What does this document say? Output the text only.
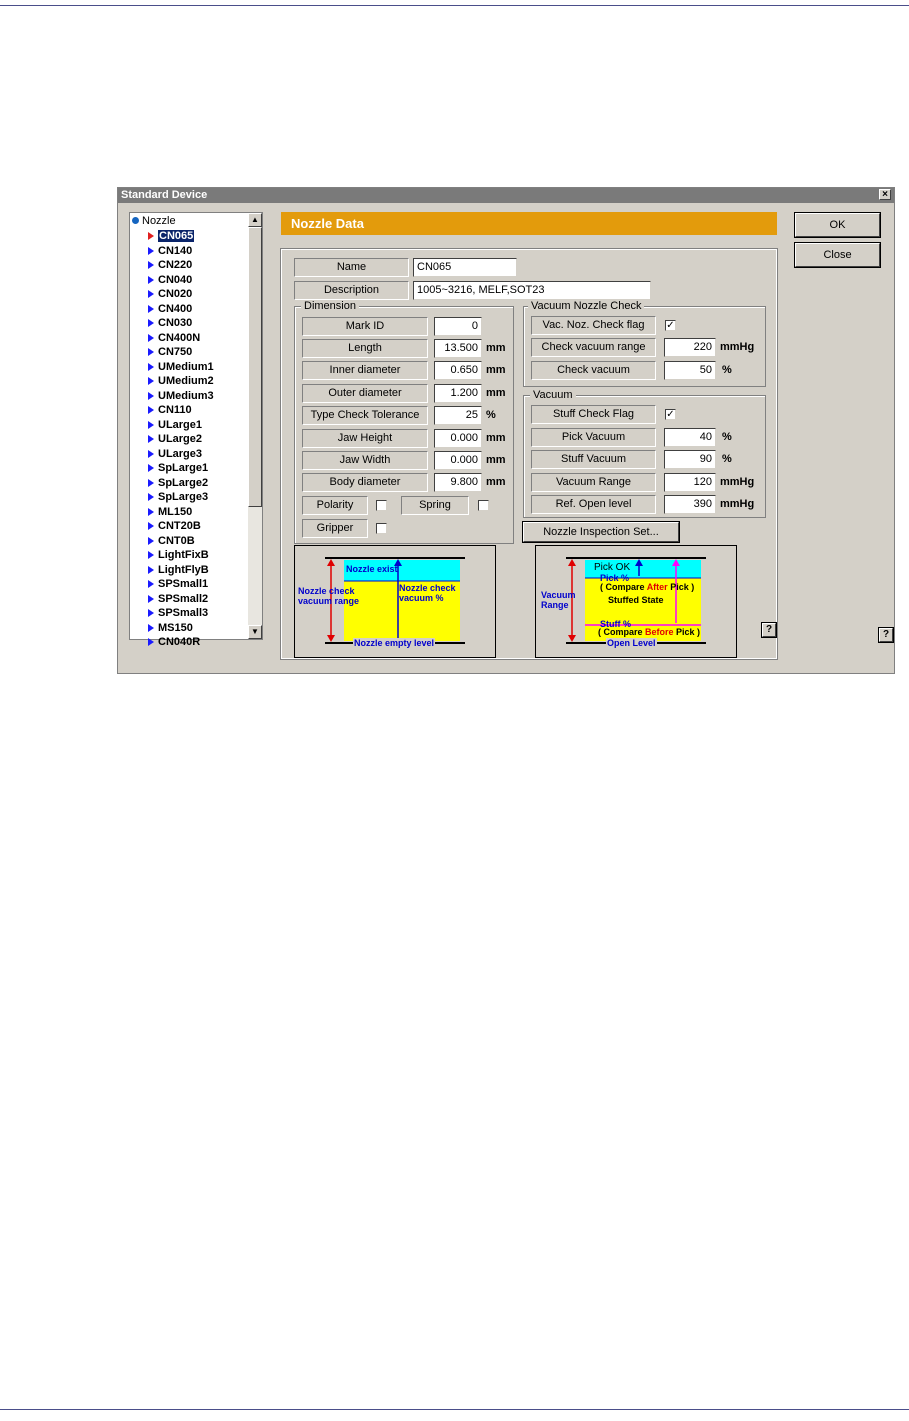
Standard Device	×
Nozzle
CN065
CN140
CN220
CN040
CN020
CN400
CN030
CN400N
CN750
UMedium1
UMedium2
UMedium3
CN110
ULarge1
ULarge2
ULarge3
SpLarge1
SpLarge2
SpLarge3
ML150
CNT20B
CNT0B
LightFixB
LightFlyB
SPSmall1
SPSmall2
SPSmall3
MS150
CN040R
▲
▼
Nozzle Data	OK
Close
Name	CN065
Description	1005~3216, MELF,SOT23
Dimension
Mark ID	0
Length	13.500 mm
Inner diameter	0.650 mm
Outer diameter	1.200 mm
Type Check Tolerance	25 %
Jaw Height	0.000 mm
Jaw Width	0.000 mm
Body diameter	9.800 mm
Polarity	Spring
Gripper
Vacuum Nozzle Check
Vac. Noz. Check flag	✓
Check vacuum range	220 mmHg
Check vacuum	50 %
Vacuum
Stuff Check Flag	✓
Pick Vacuum	40 %
Stuff Vacuum	90 %
Vacuum Range	120 mmHg
Ref. Open level	390 mmHg
Nozzle Inspection Set...
Nozzle exist
Nozzle check
vacuum range
Nozzle check
vacuum %
Nozzle empty level
Pick OK
Pick %
( Compare After Pick )
Stuffed State
Stuff %
( Compare Before Pick )
Vacuum
Range
Open Level
?	?
